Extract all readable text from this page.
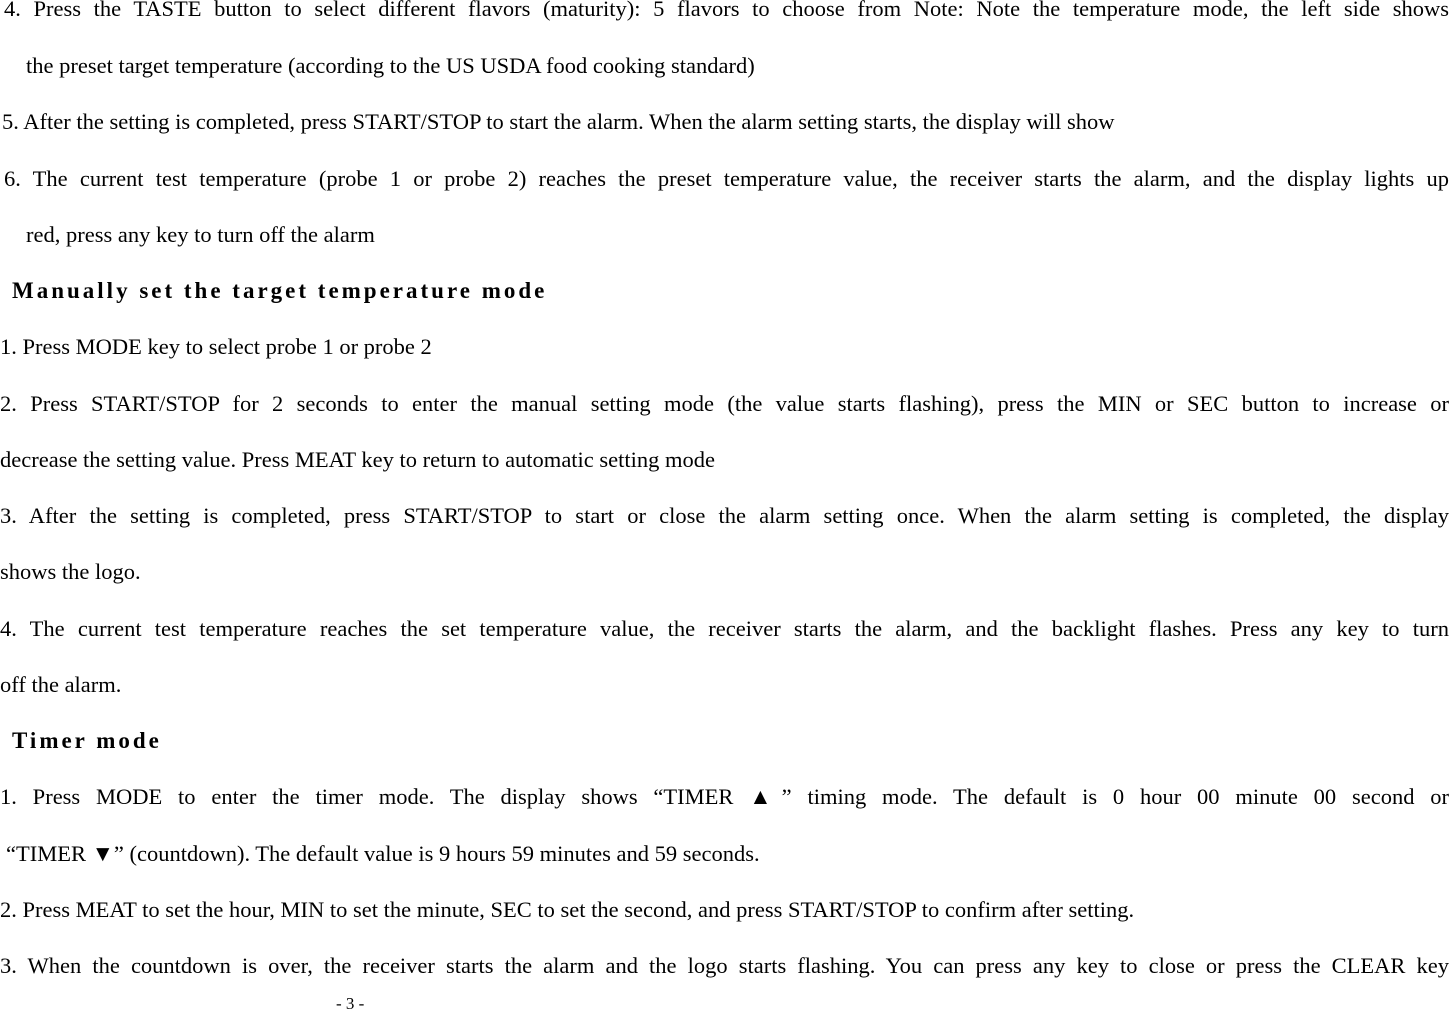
4. Press the TASTE button to select different flavors (maturity): 5 flavors to choose from Note: Note the temperature mode, the left side shows
the preset target temperature (according to the US USDA food cooking standard)
5. After the setting is completed, press START/STOP to start the alarm. When the alarm setting starts, the display will show
6. The current test temperature (probe 1 or probe 2) reaches the preset temperature value, the receiver starts the alarm, and the display lights up
red, press any key to turn off the alarm
Manually set the target temperature mode
1. Press MODE key to select probe 1 or probe 2
2. Press START/STOP for 2 seconds to enter the manual setting mode (the value starts flashing), press the MIN or SEC button to increase or
decrease the setting value. Press MEAT key to return to automatic setting mode
3. After the setting is completed, press START/STOP to start or close the alarm setting once. When the alarm setting is completed, the display
shows the logo.
4. The current test temperature reaches the set temperature value, the receiver starts the alarm, and the backlight flashes. Press any key to turn
off the alarm.
Timer mode
1. Press MODE to enter the timer mode. The display shows “TIMER ▲” timing mode. The default is 0 hour 00 minute 00 second or
“TIMER ▼” (countdown). The default value is 9 hours 59 minutes and 59 seconds.
2. Press MEAT to set the hour, MIN to set the minute, SEC to set the second, and press START/STOP to confirm after setting.
3. When the countdown is over, the receiver starts the alarm and the logo starts flashing. You can press any key to close or press the CLEAR key
- 3 -
